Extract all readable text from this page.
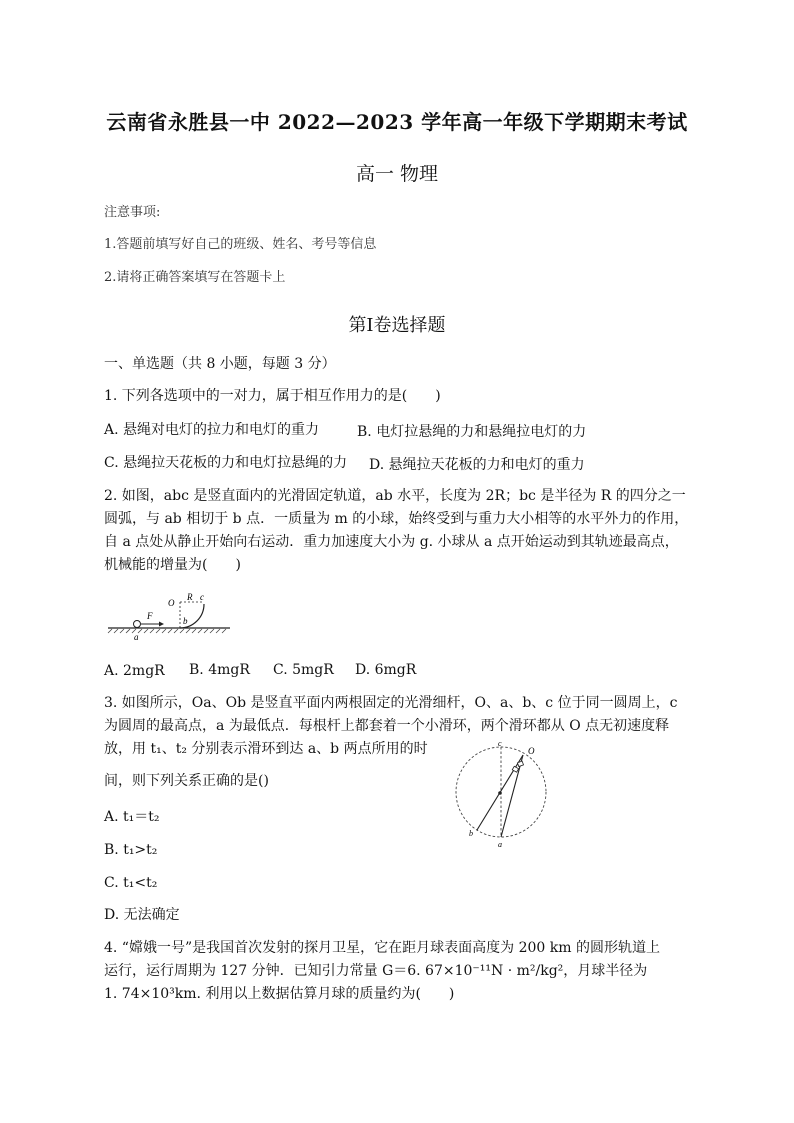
云南省永胜县一中 2022—2023 学年高一年级下学期期末考试
高一 物理
注意事项:
1.答题前填写好自己的班级、姓名、考号等信息
2.请将正确答案填写在答题卡上
第Ⅰ卷选择题
一、单选题（共 8 小题，每题 3 分）
1. 下列各选项中的一对力，属于相互作用力的是(　　)
A. 悬绳对电灯的拉力和电灯的重力	B. 电灯拉悬绳的力和悬绳拉电灯的力
C. 悬绳拉天花板的力和电灯拉悬绳的力 D. 悬绳拉天花板的力和电灯的重力
2. 如图，abc 是竖直面内的光滑固定轨道，ab 水平，长度为 2R；bc 是半径为 R 的四分之一
圆弧，与 ab 相切于 b 点．一质量为 m 的小球，始终受到与重力大小相等的水平外力的作用，
自 a 点处从静止开始向右运动．重力加速度大小为 g. 小球从 a 点开始运动到其轨迹最高点，
机械能的增量为(　　)
O
R c
F	b
a
A. 2mgR B. 4mgR C. 5mgR D. 6mgR
3. 如图所示，Oa、Ob 是竖直平面内两根固定的光滑细杆，O、a、b、c 位于同一圆周上，c
为圆周的最高点，a 为最低点．每根杆上都套着一个小滑环，两个滑环都从 O 点无初速度释
放，用 t₁、t₂ 分别表示滑环到达 a、b 两点所用的时
间，则下列关系正确的是()
A. t₁＝t₂
B. t₁>t₂
C. t₁<t₂
D. 无法确定
c
O
b
a
4. “嫦娥一号”是我国首次发射的探月卫星，它在距月球表面高度为 200 km 的圆形轨道上
运行，运行周期为 127 分钟．已知引力常量 G＝6. 67×10⁻¹¹N · m²/kg²，月球半径为
1. 74×10³km. 利用以上数据估算月球的质量约为(　　)
